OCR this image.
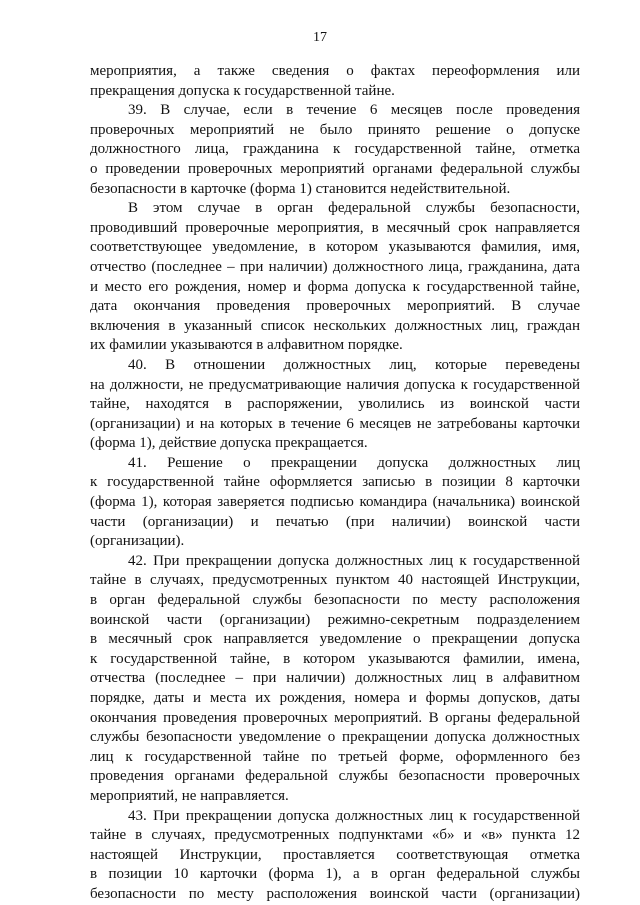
17
мероприятия, а также сведения о фактах переоформления или
прекращения допуска к государственной тайне.
39. В случае, если в течение 6 месяцев после проведения
проверочных мероприятий не было принято решение о допуске
должностного лица, гражданина к государственной тайне, отметка
о проведении проверочных мероприятий органами федеральной службы
безопасности в карточке (форма 1) становится недействительной.
В этом случае в орган федеральной службы безопасности,
проводивший проверочные мероприятия, в месячный срок направляется
соответствующее уведомление, в котором указываются фамилия, имя,
отчество (последнее – при наличии) должностного лица, гражданина, дата
и место его рождения, номер и форма допуска к государственной тайне,
дата окончания проведения проверочных мероприятий. В случае
включения в указанный список нескольких должностных лиц, граждан
их фамилии указываются в алфавитном порядке.
40. В отношении должностных лиц, которые переведены
на должности, не предусматривающие наличия допуска к государственной
тайне, находятся в распоряжении, уволились из воинской части
(организации) и на которых в течение 6 месяцев не затребованы карточки
(форма 1), действие допуска прекращается.
41. Решение о прекращении допуска должностных лиц
к государственной тайне оформляется записью в позиции 8 карточки
(форма 1), которая заверяется подписью командира (начальника) воинской
части (организации) и печатью (при наличии) воинской части
(организации).
42. При прекращении допуска должностных лиц к государственной
тайне в случаях, предусмотренных пунктом 40 настоящей Инструкции,
в орган федеральной службы безопасности по месту расположения
воинской части (организации) режимно-секретным подразделением
в месячный срок направляется уведомление о прекращении допуска
к государственной тайне, в котором указываются фамилии, имена,
отчества (последнее – при наличии) должностных лиц в алфавитном
порядке, даты и места их рождения, номера и формы допусков, даты
окончания проведения проверочных мероприятий. В органы федеральной
службы безопасности уведомление о прекращении допуска должностных
лиц к государственной тайне по третьей форме, оформленного без
проведения органами федеральной службы безопасности проверочных
мероприятий, не направляется.
43. При прекращении допуска должностных лиц к государственной
тайне в случаях, предусмотренных подпунктами «б» и «в» пункта 12
настоящей Инструкции, проставляется соответствующая отметка
в позиции 10 карточки (форма 1), а в орган федеральной службы
безопасности по месту расположения воинской части (организации)
